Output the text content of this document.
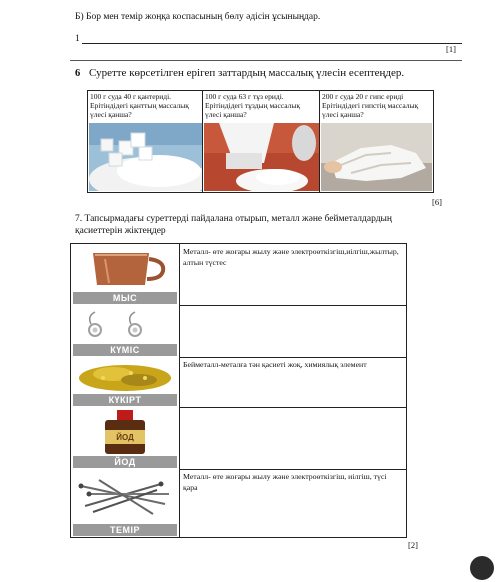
Б) Бор мен темір жоңқа коспасының бөлу әдісін ұсыныңдар.
1
[1]
6 Суретте көрсетілген ерігеп заттардың массалық үлесін есептеңдер.
100 г суда 40 г қантериді. Ерітіндідегі қанттың массалық үлесі қанша?
100 г суда 63 г тұз ериді. Ерітіндідегі тұздың массалық үлесі қанша?
200 г суда 20 г гипс ериді Ерітіндідегі гипстің массалық үлесі қанша?
[6]
7. Тапсырмадағы суреттерді пайдалана отырып, металл және бейметалдардың
қасиеттерін жіктеңдер
МЫС
Металл- өте жоғары жылу және электроөткізгіш,иілгіш,жылтыр, алтын түстес
КҮМІС
КҮКІРТ
Бейметалл-металға тән қасиеті жоқ, химиялық элемент
ЙОД
ЙОД
ТЕМІР
Металл- өте жоғары жылу және электроөткізгіш, иілгіш, түсі қара
[2]
